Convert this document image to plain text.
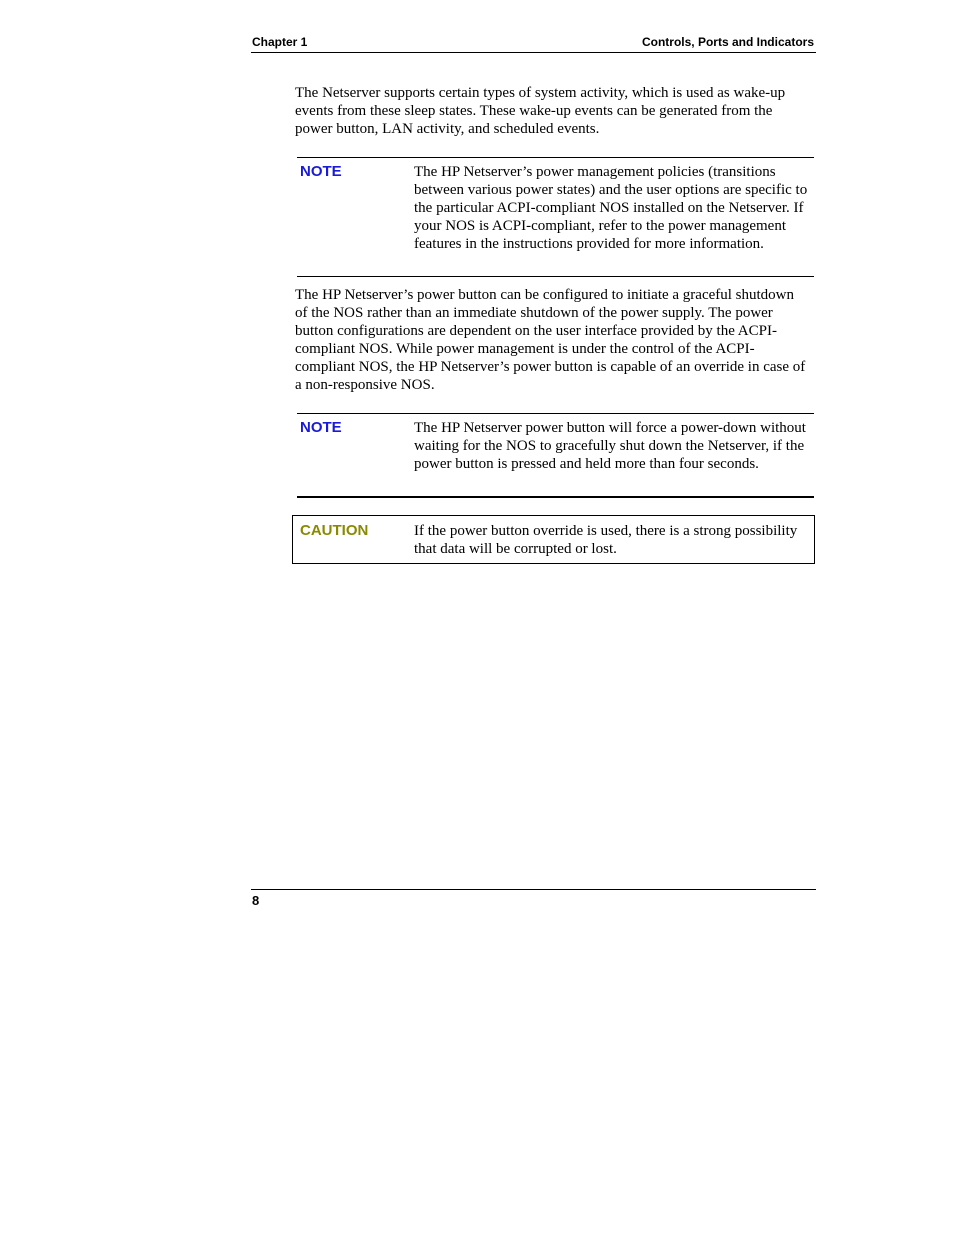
Chapter 1	Controls, Ports and Indicators
The Netserver supports certain types of system activity, which is used as wake-up events from these sleep states. These wake-up events can be generated from the power button, LAN activity, and scheduled events.
NOTE	The HP Netserver’s power management policies (transitions between various power states) and the user options are specific to the particular ACPI-compliant NOS installed on the Netserver. If your NOS is ACPI-compliant, refer to the power management features in the instructions provided for more information.
The HP Netserver’s power button can be configured to initiate a graceful shutdown of the NOS rather than an immediate shutdown of the power supply. The power button configurations are dependent on the user interface provided by the ACPI-compliant NOS. While power management is under the control of the ACPI-compliant NOS, the HP Netserver’s power button is capable of an override in case of a non-responsive NOS.
NOTE	The HP Netserver power button will force a power-down without waiting for the NOS to gracefully shut down the Netserver, if the power button is pressed and held more than four seconds.
CAUTION	If the power button override is used, there is a strong possibility that data will be corrupted or lost.
8
